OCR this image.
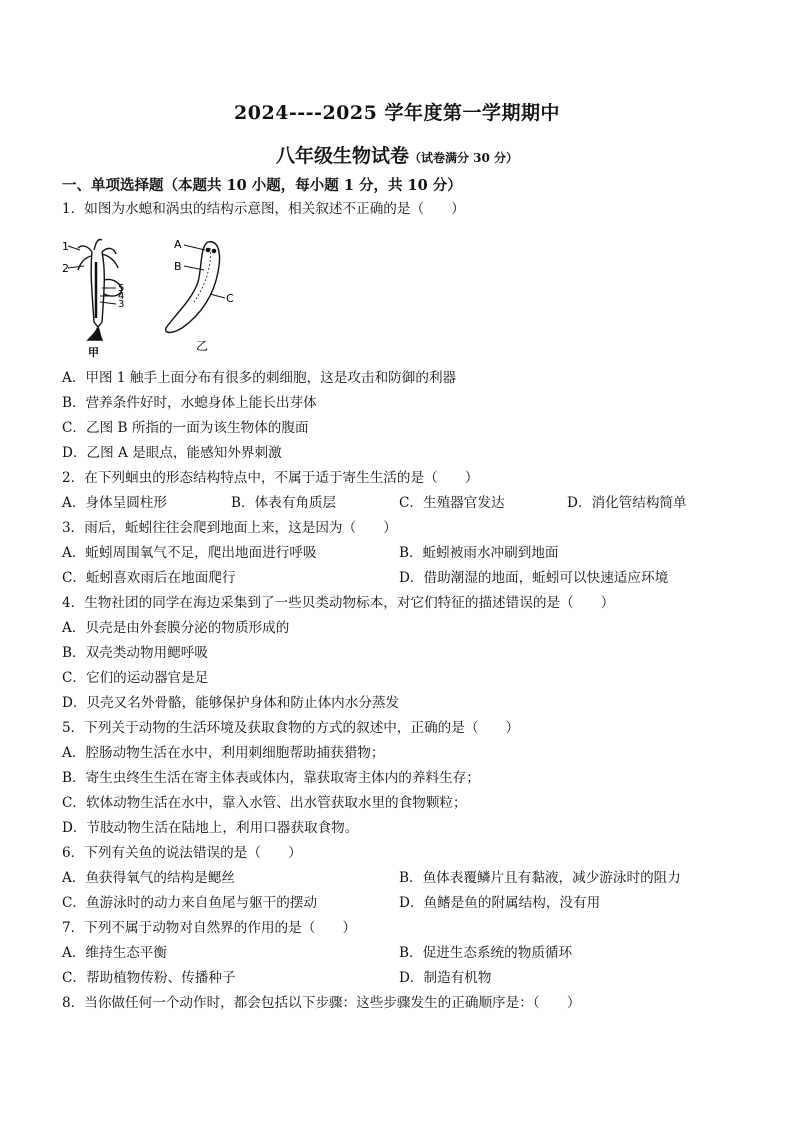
2024----2025 学年度第一学期期中
八年级生物试卷（试卷满分 30 分）
一、单项选择题（本题共 10 小题，每小题 1 分，共 10 分）
1．如图为水螅和涡虫的结构示意图，相关叙述不正确的是（　　）
1
2
5
4
3
甲
A
B
C
乙
A．甲图 1 触手上面分布有很多的刺细胞，这是攻击和防御的利器
B．营养条件好时，水螅身体上能长出芽体
C．乙图 B 所指的一面为该生物体的腹面
D．乙图 A 是眼点，能感知外界刺激
2．在下列蛔虫的形态结构特点中，不属于适于寄生生活的是（　　）
A．身体呈圆柱形	B．体表有角质层	C．生殖器官发达	D．消化管结构简单
3．雨后，蚯蚓往往会爬到地面上来，这是因为（　　）
A．蚯蚓周围氧气不足，爬出地面进行呼吸	B．蚯蚓被雨水冲刷到地面
C．蚯蚓喜欢雨后在地面爬行	D．借助潮湿的地面，蚯蚓可以快速适应环境
4．生物社团的同学在海边采集到了一些贝类动物标本，对它们特征的描述错误的是（　　）
A．贝壳是由外套膜分泌的物质形成的
B．双壳类动物用鳃呼吸
C．它们的运动器官是足
D．贝壳又名外骨骼，能够保护身体和防止体内水分蒸发
5．下列关于动物的生活环境及获取食物的方式的叙述中，正确的是（　　）
A．腔肠动物生活在水中，利用刺细胞帮助捕获猎物；
B．寄生虫终生生活在寄主体表或体内，靠获取寄主体内的养料生存；
C．软体动物生活在水中，靠入水管、出水管获取水里的食物颗粒；
D．节肢动物生活在陆地上，利用口器获取食物。
6．下列有关鱼的说法错误的是（　　）
A．鱼获得氧气的结构是鳃丝	B．鱼体表覆鳞片且有黏液，减少游泳时的阻力
C．鱼游泳时的动力来自鱼尾与躯干的摆动	D．鱼鳍是鱼的附属结构，没有用
7．下列不属于动物对自然界的作用的是（　　）
A．维持生态平衡	B．促进生态系统的物质循环
C．帮助植物传粉、传播种子	D．制造有机物
8．当你做任何一个动作时，都会包括以下步骤：这些步骤发生的正确顺序是：（　　）
